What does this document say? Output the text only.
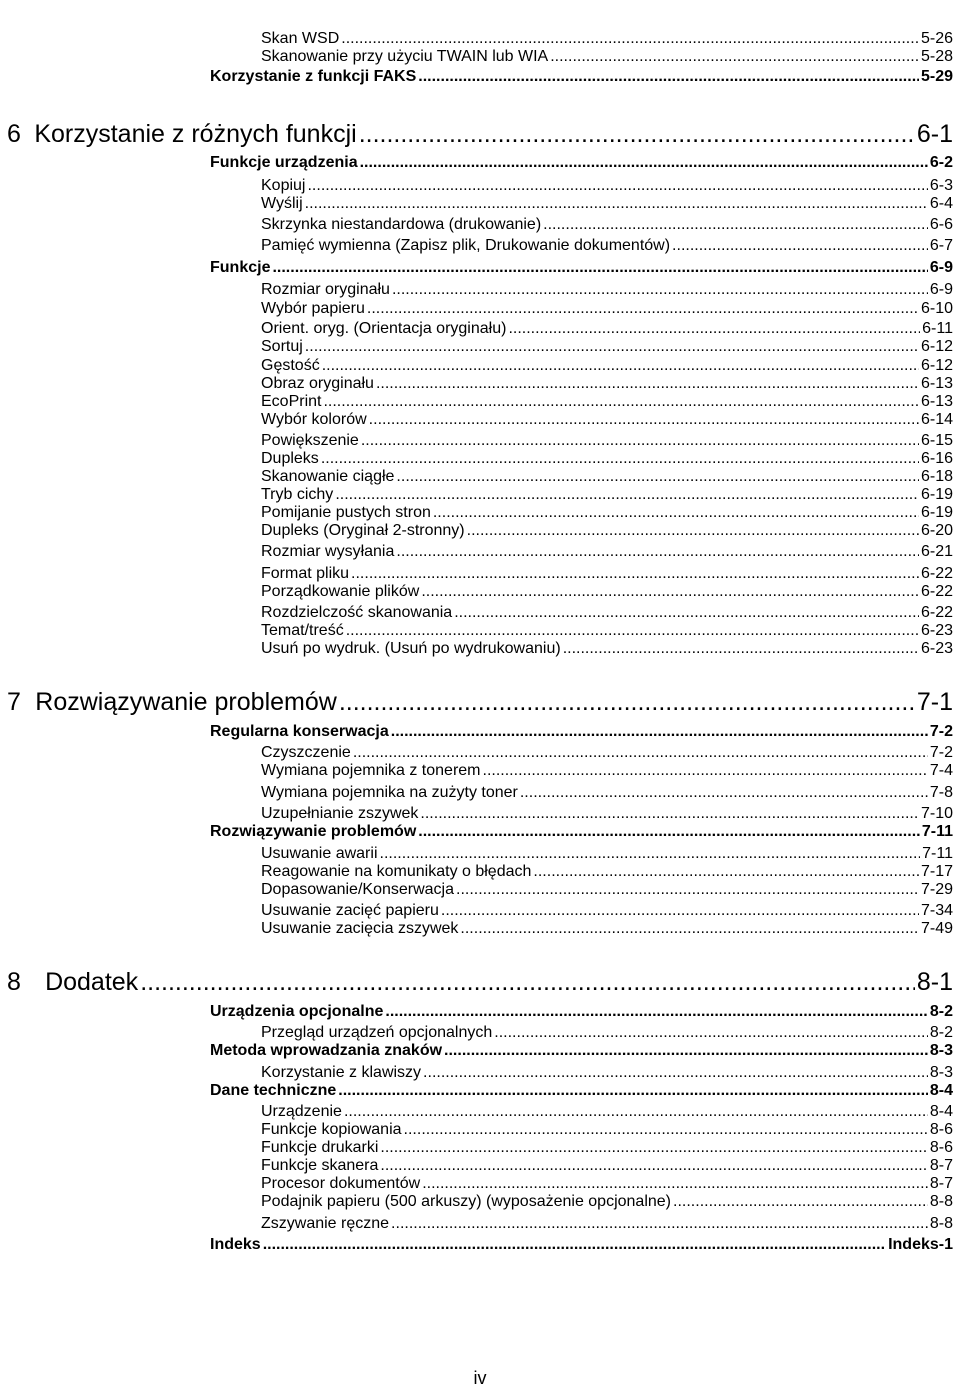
Skan WSD .....	5-26
Skanowanie przy użyciu TWAIN lub WIA .....	5-28
Korzystanie z funkcji FAKS .....	5-29
6 Korzystanie z różnych funkcji .....	6-1
Funkcje urządzenia .....	6-2
Kopiuj .....	6-3
Wyślij .....	6-4
Skrzynka niestandardowa (drukowanie) .....	6-6
Pamięć wymienna (Zapisz plik, Drukowanie dokumentów) .....	6-7
Funkcje .....	6-9
Rozmiar oryginału .....	6-9
Wybór papieru .....	6-10
Orient. oryg. (Orientacja oryginału) .....	6-11
Sortuj .....	6-12
Gęstość .....	6-12
Obraz oryginału .....	6-13
EcoPrint .....	6-13
Wybór kolorów .....	6-14
Powiększenie .....	6-15
Dupleks .....	6-16
Skanowanie ciągłe .....	6-18
Tryb cichy .....	6-19
Pomijanie pustych stron .....	6-19
Dupleks (Oryginał 2-stronny) .....	6-20
Rozmiar wysyłania .....	6-21
Format pliku .....	6-22
Porządkowanie plików .....	6-22
Rozdzielczość skanowania .....	6-22
Temat/treść .....	6-23
Usuń po wydruk. (Usuń po wydrukowaniu) .....	6-23
7 Rozwiązywanie problemów .....	7-1
Regularna konserwacja .....	7-2
Czyszczenie .....	7-2
Wymiana pojemnika z tonerem .....	7-4
Wymiana pojemnika na zużyty toner .....	7-8
Uzupełnianie zszywek .....	7-10
Rozwiązywanie problemów .....	7-11
Usuwanie awarii .....	7-11
Reagowanie na komunikaty o błędach .....	7-17
Dopasowanie/Konserwacja .....	7-29
Usuwanie zacięć papieru .....	7-34
Usuwanie zacięcia zszywek .....	7-49
8 Dodatek .....	8-1
Urządzenia opcjonalne .....	8-2
Przegląd urządzeń opcjonalnych .....	8-2
Metoda wprowadzania znaków .....	8-3
Korzystanie z klawiszy .....	8-3
Dane techniczne .....	8-4
Urządzenie .....	8-4
Funkcje kopiowania .....	8-6
Funkcje drukarki .....	8-6
Funkcje skanera .....	8-7
Procesor dokumentów .....	8-7
Podajnik papieru (500 arkuszy) (wyposażenie opcjonalne) .....	8-8
Zszywanie ręczne .....	8-8
Indeks .....	Indeks-1
iv
